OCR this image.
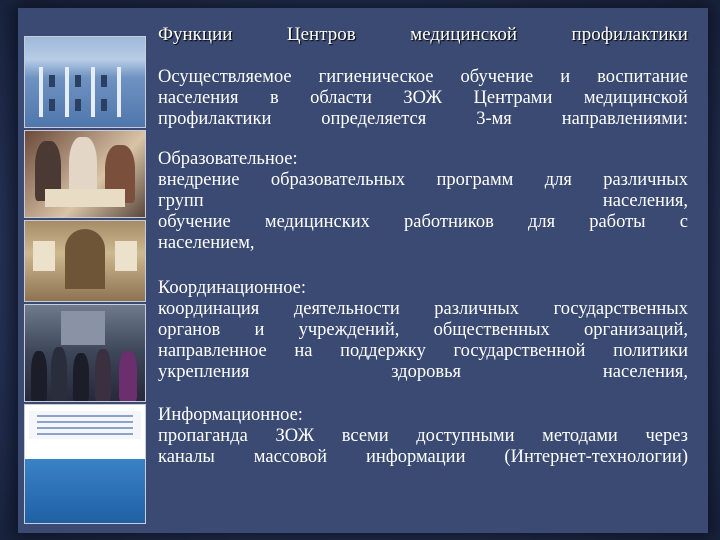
Функции	Центров	медицинской	профилактики
Осуществляемое гигиеническое обучение и воспитание
населения в области ЗОЖ Центрами медицинской
профилактики	определяется	3-мя	направлениями:
Образовательное:
внедрение образовательных программ для различных
групп	населения,
обучение медицинских работников для работы с
населением,
Координационное:
координация деятельности различных государственных
органов и учреждений, общественных организаций,
направленное на поддержку государственной политики
укрепления здоровья населения,
Информационное:
пропаганда ЗОЖ всеми доступными методами через
каналы массовой информации (Интернет-технологии)
